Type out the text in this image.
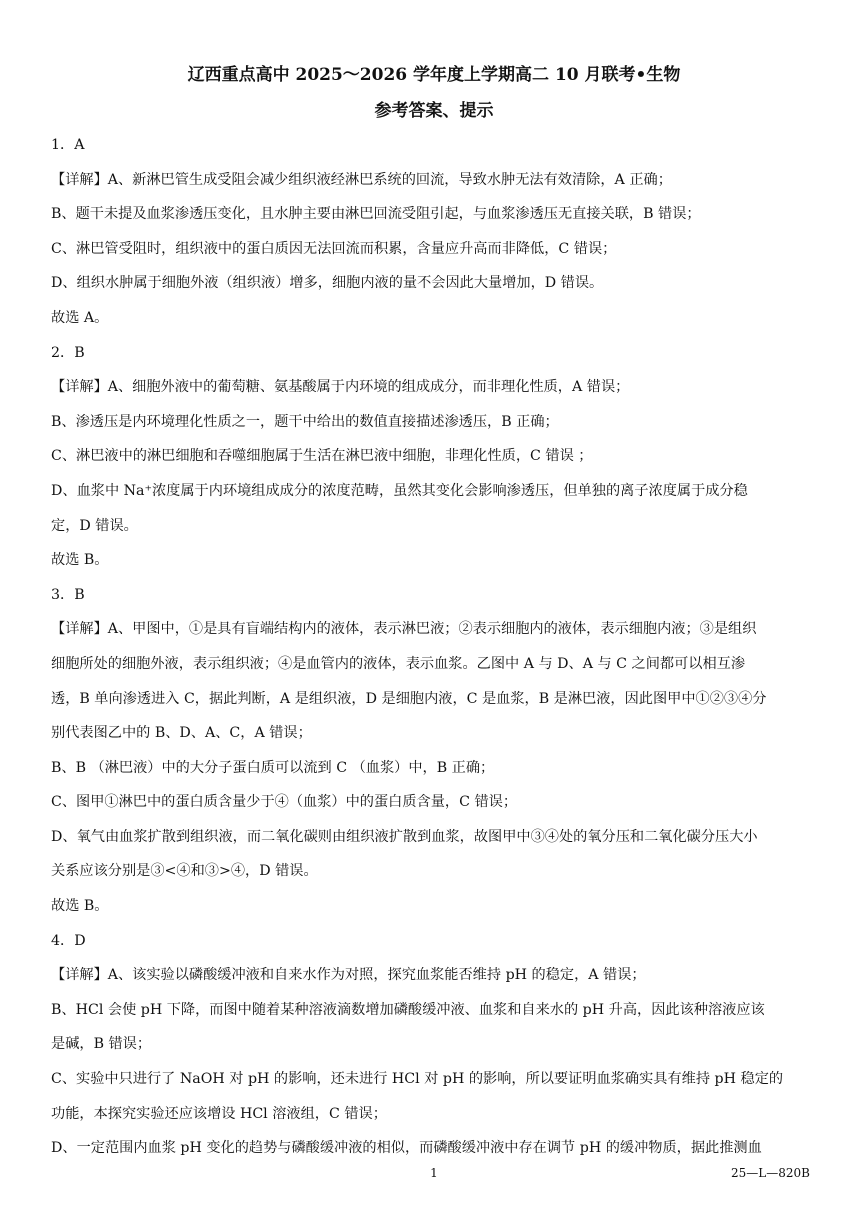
辽西重点高中 2025～2026 学年度上学期高二 10 月联考•生物
参考答案、提示

1．A

【详解】A、新淋巴管生成受阻会减少组织液经淋巴系统的回流，导致水肿无法有效清除，A 正确；

B、题干未提及血浆渗透压变化，且水肿主要由淋巴回流受阻引起，与血浆渗透压无直接关联，B 错误；

C、淋巴管受阻时，组织液中的蛋白质因无法回流而积累，含量应升高而非降低，C 错误；

D、组织水肿属于细胞外液（组织液）增多，细胞内液的量不会因此大量增加，D 错误。

故选 A。

2．B

【详解】A、细胞外液中的葡萄糖、氨基酸属于内环境的组成成分，而非理化性质，A 错误；

B、渗透压是内环境理化性质之一，题干中给出的数值直接描述渗透压，B 正确；

C、淋巴液中的淋巴细胞和吞噬细胞属于生活在淋巴液中细胞，非理化性质，C 错误 ；

D、血浆中 Na⁺浓度属于内环境组成成分的浓度范畴，虽然其变化会影响渗透压，但单独的离子浓度属于成分稳

定，D 错误。

故选 B。

3．B

【详解】A、甲图中，①是具有盲端结构内的液体，表示淋巴液；②表示细胞内的液体，表示细胞内液；③是组织

细胞所处的细胞外液，表示组织液；④是血管内的液体，表示血浆。乙图中 A 与 D、A 与 C 之间都可以相互渗

透，B 单向渗透进入 C，据此判断，A 是组织液，D 是细胞内液，C 是血浆，B 是淋巴液，因此图甲中①②③④分

别代表图乙中的 B、D、A、C，A 错误；

B、B （淋巴液）中的大分子蛋白质可以流到 C （血浆）中，B 正确；

C、图甲①淋巴中的蛋白质含量少于④（血浆）中的蛋白质含量，C 错误；

D、氧气由血浆扩散到组织液，而二氧化碳则由组织液扩散到血浆，故图甲中③④处的氧分压和二氧化碳分压大小

关系应该分别是③<④和③>④，D 错误。

故选 B。

4．D

【详解】A、该实验以磷酸缓冲液和自来水作为对照，探究血浆能否维持 pH 的稳定，A 错误；

B、HCl 会使 pH 下降，而图中随着某种溶液滴数增加磷酸缓冲液、血浆和自来水的 pH 升高，因此该种溶液应该

是碱，B 错误；

C、实验中只进行了 NaOH 对 pH 的影响，还未进行 HCl 对 pH 的影响，所以要证明血浆确实具有维持 pH 稳定的

功能，本探究实验还应该增设 HCl 溶液组，C 错误；

D、一定范围内血浆 pH 变化的趋势与磷酸缓冲液的相似，而磷酸缓冲液中存在调节 pH 的缓冲物质，据此推测血

1	25—L—820B
